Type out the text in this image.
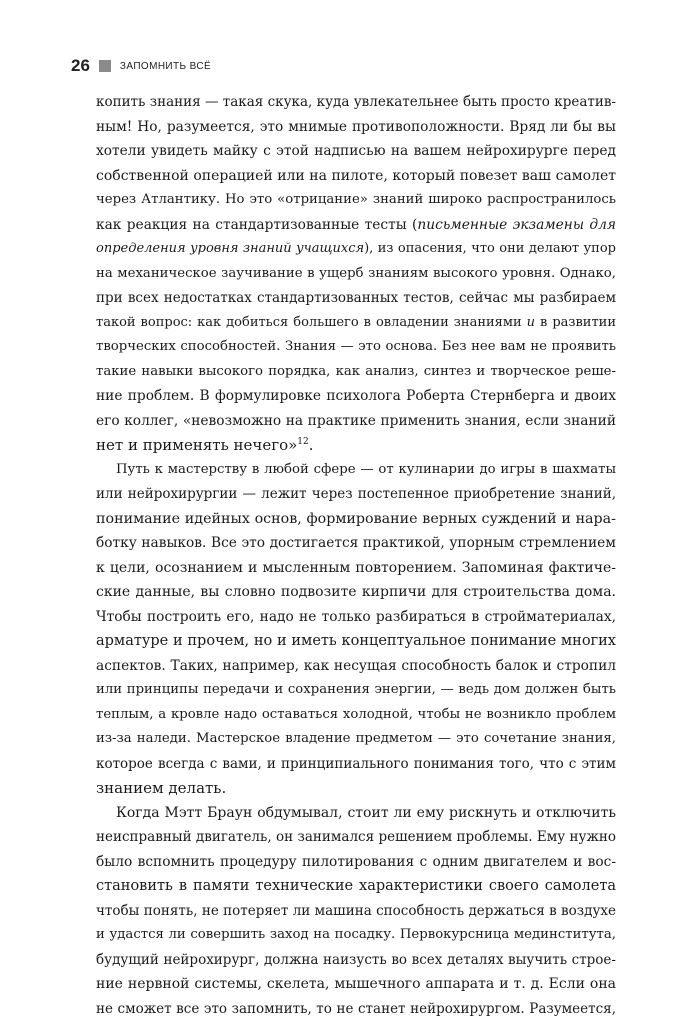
26	ЗАПОМНИТЬ ВСЁ
копить знания — такая скука, куда увлекательнее быть просто креатив-
ным! Но, разумеется, это мнимые противоположности. Вряд ли бы вы
хотели увидеть майку с этой надписью на вашем нейрохирурге перед
собственной операцией или на пилоте, который повезет ваш самолет
через Атлантику. Но это «отрицание» знаний широко распространилось
как реакция на стандартизованные тесты (письменные экзамены для
определения уровня знаний учащихся), из опасения, что они делают упор
на механическое заучивание в ущерб знаниям высокого уровня. Однако,
при всех недостатках стандартизованных тестов, сейчас мы разбираем
такой вопрос: как добиться большего в овладении знаниями и в развитии
творческих способностей. Знания — это основа. Без нее вам не проявить
такие навыки высокого порядка, как анализ, синтез и творческое реше-
ние проблем. В формулировке психолога Роберта Стернберга и двоих
его коллег, «невозможно на практике применить знания, если знаний
нет и применять нечего»$^{12}$.
Путь к мастерству в любой сфере — от кулинарии до игры в шахматы
или нейрохирургии — лежит через постепенное приобретение знаний,
понимание идейных основ, формирование верных суждений и нара-
ботку навыков. Все это достигается практикой, упорным стремлением
к цели, осознанием и мысленным повторением. Запоминая фактиче-
ские данные, вы словно подвозите кирпичи для строительства дома.
Чтобы построить его, надо не только разбираться в стройматериалах,
арматуре и прочем, но и иметь концептуальное понимание многих
аспектов. Таких, например, как несущая способность балок и стропил
или принципы передачи и сохранения энергии, — ведь дом должен быть
теплым, а кровле надо оставаться холодной, чтобы не возникло проблем
из-за наледи. Мастерское владение предметом — это сочетание знания,
которое всегда с вами, и принципиального понимания того, что с этим
знанием делать.
Когда Мэтт Браун обдумывал, стоит ли ему рискнуть и отключить
неисправный двигатель, он занимался решением проблемы. Ему нужно
было вспомнить процедуру пилотирования с одним двигателем и вос-
становить в памяти технические характеристики своего самолета
чтобы понять, не потеряет ли машина способность держаться в воздухе
и удастся ли совершить заход на посадку. Первокурсница мединститута,
будущий нейрохирург, должна наизусть во всех деталях выучить строе-
ние нервной системы, скелета, мышечного аппарата и т. д. Если она
не сможет все это запомнить, то не станет нейрохирургом. Разумеется,
